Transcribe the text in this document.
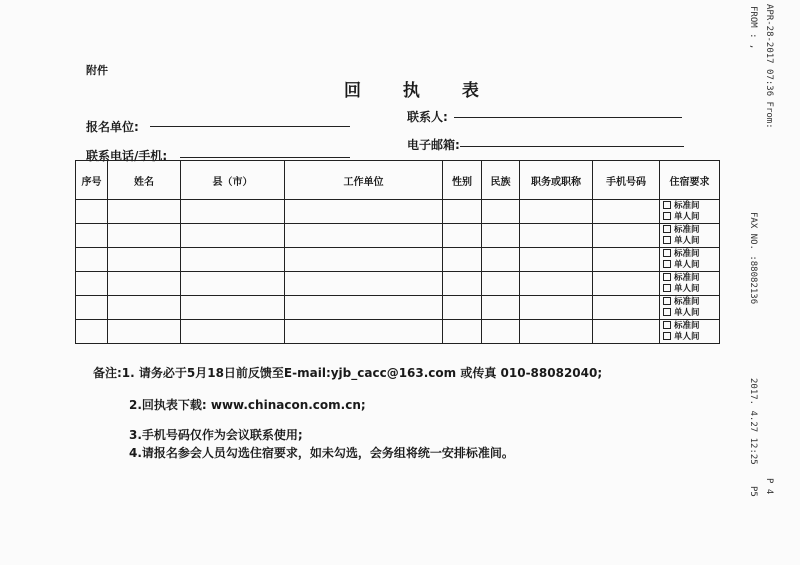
附件
回 执 表
报名单位:
联系人:
联系电话/手机:
电子邮箱:
序号	姓名	县（市）	工作单位	性别	民族	职务或职称	手机号码	住宿要求

								标准间
单人间

								标准间
单人间

								标准间
单人间

								标准间
单人间

								标准间
单人间

								标准间
单人间
备注:1. 请务必于5月18日前反馈至E-mail:yjb_cacc@163.com 或传真 010-88082040;
2.回执表下载: www.chinacon.com.cn;
3.手机号码仅作为会议联系使用;
4.请报名参会人员勾选住宿要求，如未勾选，会务组将统一安排标准间。
APR-28-2017 07:36 From:
FROM : ,
FAX NO. :88082136
2017. 4.27 12:25
P 4
P5
